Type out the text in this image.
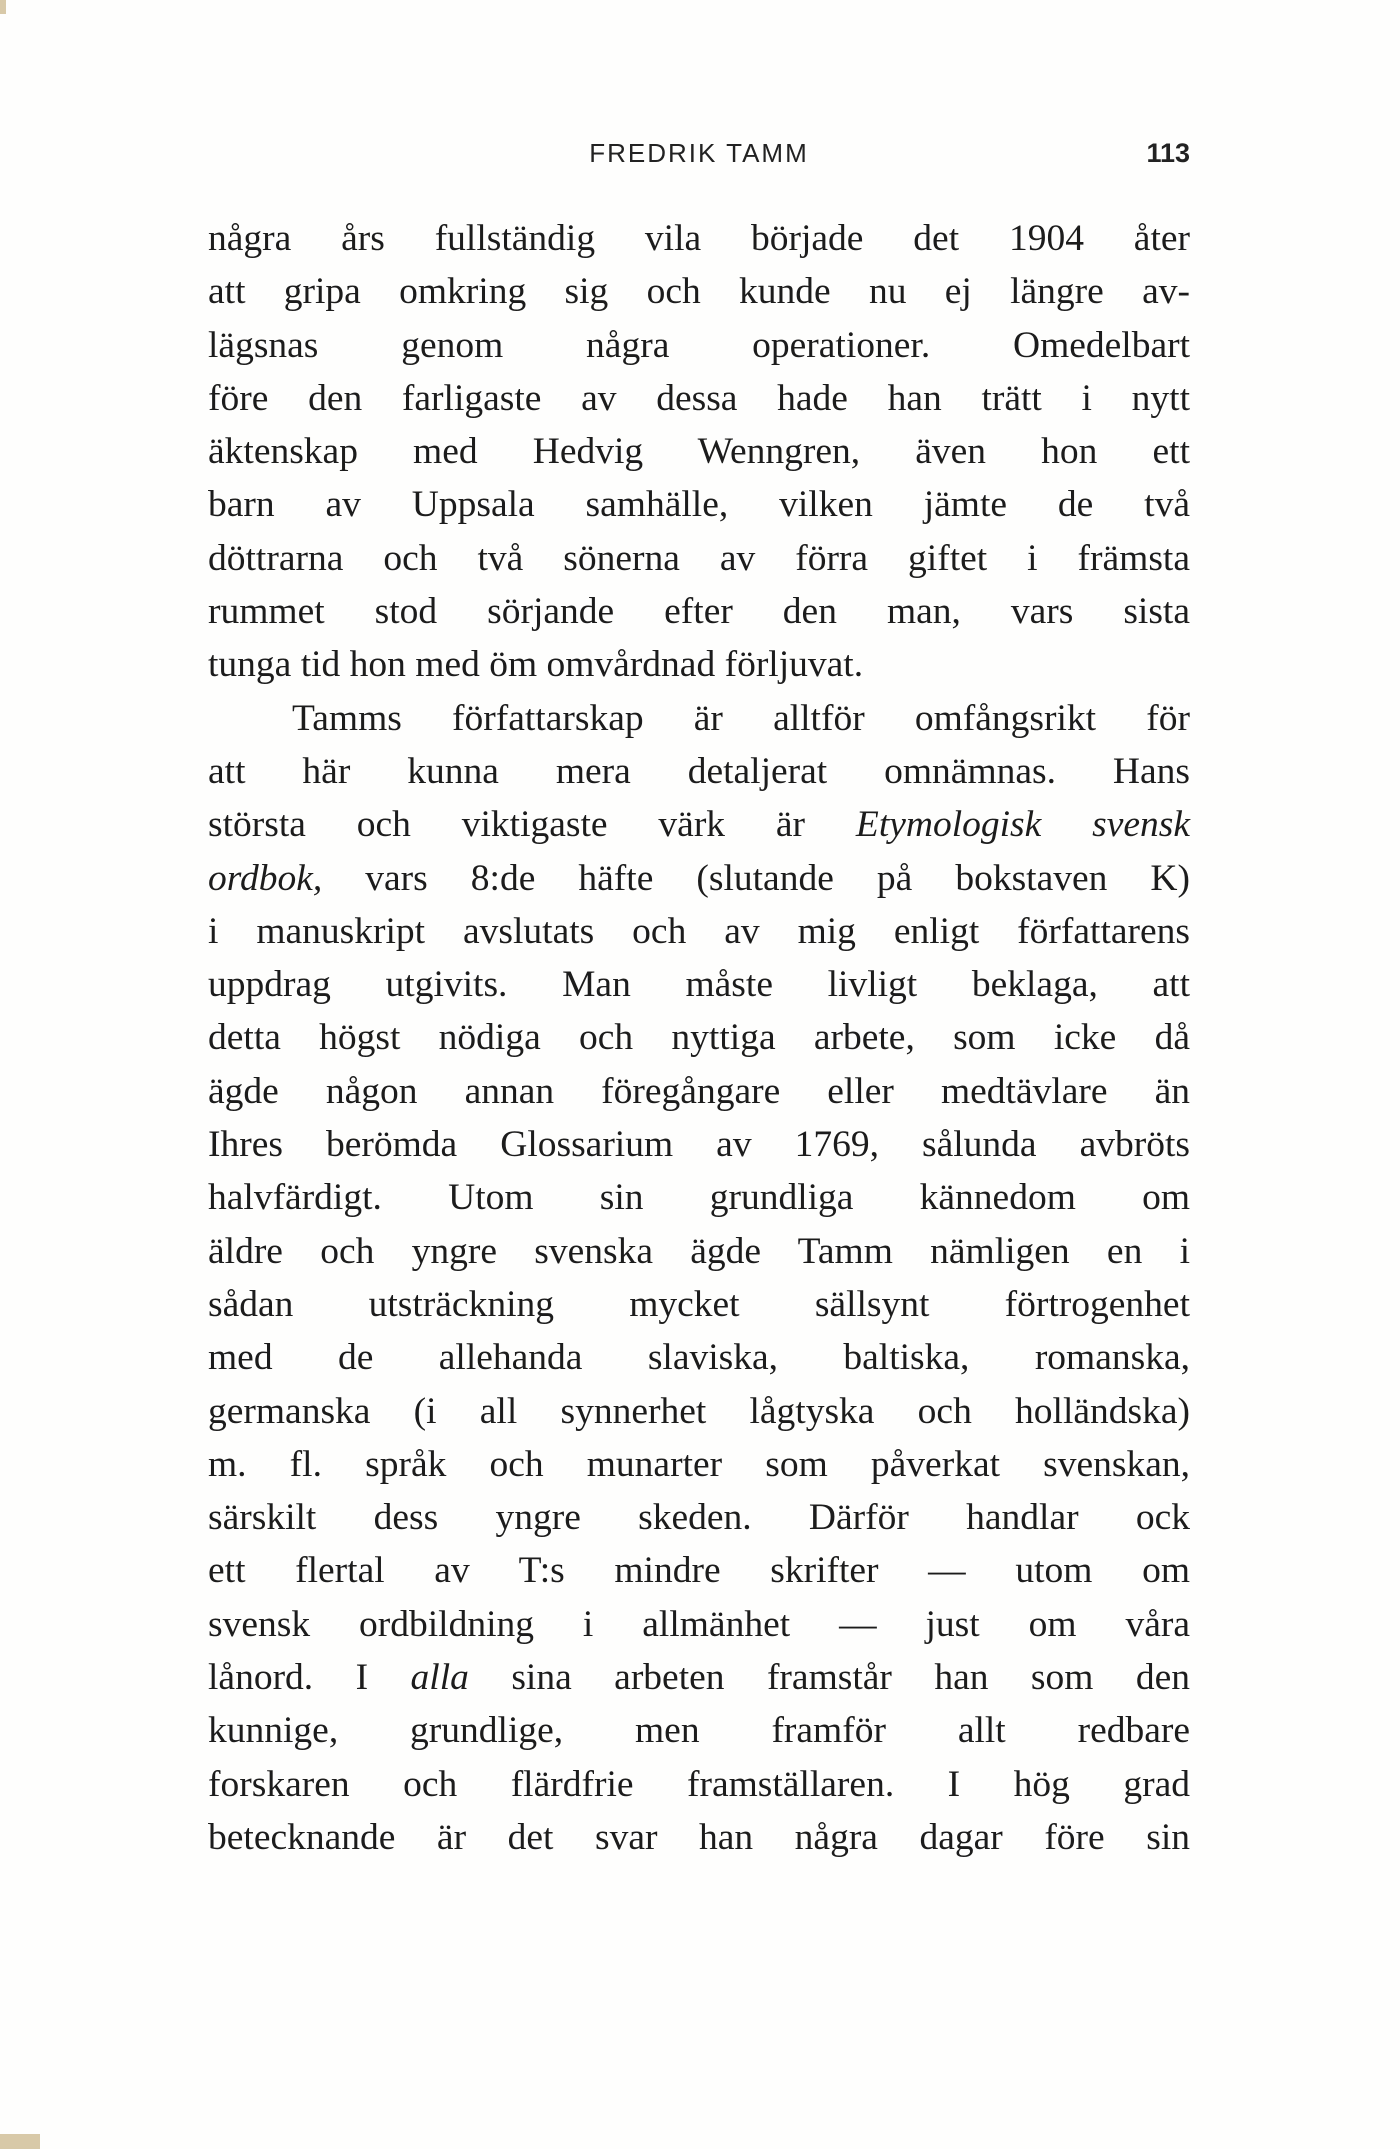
FREDRIK TAMM	113
några års fullständig vila började det 1904 åter
att gripa omkring sig och kunde nu ej längre av-
lägsnas genom några operationer. Omedelbart
före den farligaste av dessa hade han trätt i nytt
äktenskap med Hedvig Wenngren, även hon ett
barn av Uppsala samhälle, vilken jämte de två
döttrarna och två sönerna av förra giftet i främsta
rummet stod sörjande efter den man, vars sista
tunga tid hon med öm omvårdnad förljuvat.
Tamms författarskap är alltför omfångsrikt för
att här kunna mera detaljerat omnämnas. Hans
största och viktigaste värk är Etymologisk svensk
ordbok, vars 8:de häfte (slutande på bokstaven K)
i manuskript avslutats och av mig enligt författarens
uppdrag utgivits. Man måste livligt beklaga, att
detta högst nödiga och nyttiga arbete, som icke då
ägde någon annan föregångare eller medtävlare än
Ihres berömda Glossarium av 1769, sålunda avbröts
halvfärdigt. Utom sin grundliga kännedom om
äldre och yngre svenska ägde Tamm nämligen en i
sådan utsträckning mycket sällsynt förtrogenhet
med de allehanda slaviska, baltiska, romanska,
germanska (i all synnerhet lågtyska och holländska)
m. fl. språk och munarter som påverkat svenskan,
särskilt dess yngre skeden. Därför handlar ock
ett flertal av T:s mindre skrifter — utom om
svensk ordbildning i allmänhet — just om våra
lånord. I alla sina arbeten framstår han som den
kunnige, grundlige, men framför allt redbare
forskaren och flärdfrie framställaren. I hög grad
betecknande är det svar han några dagar före sin
